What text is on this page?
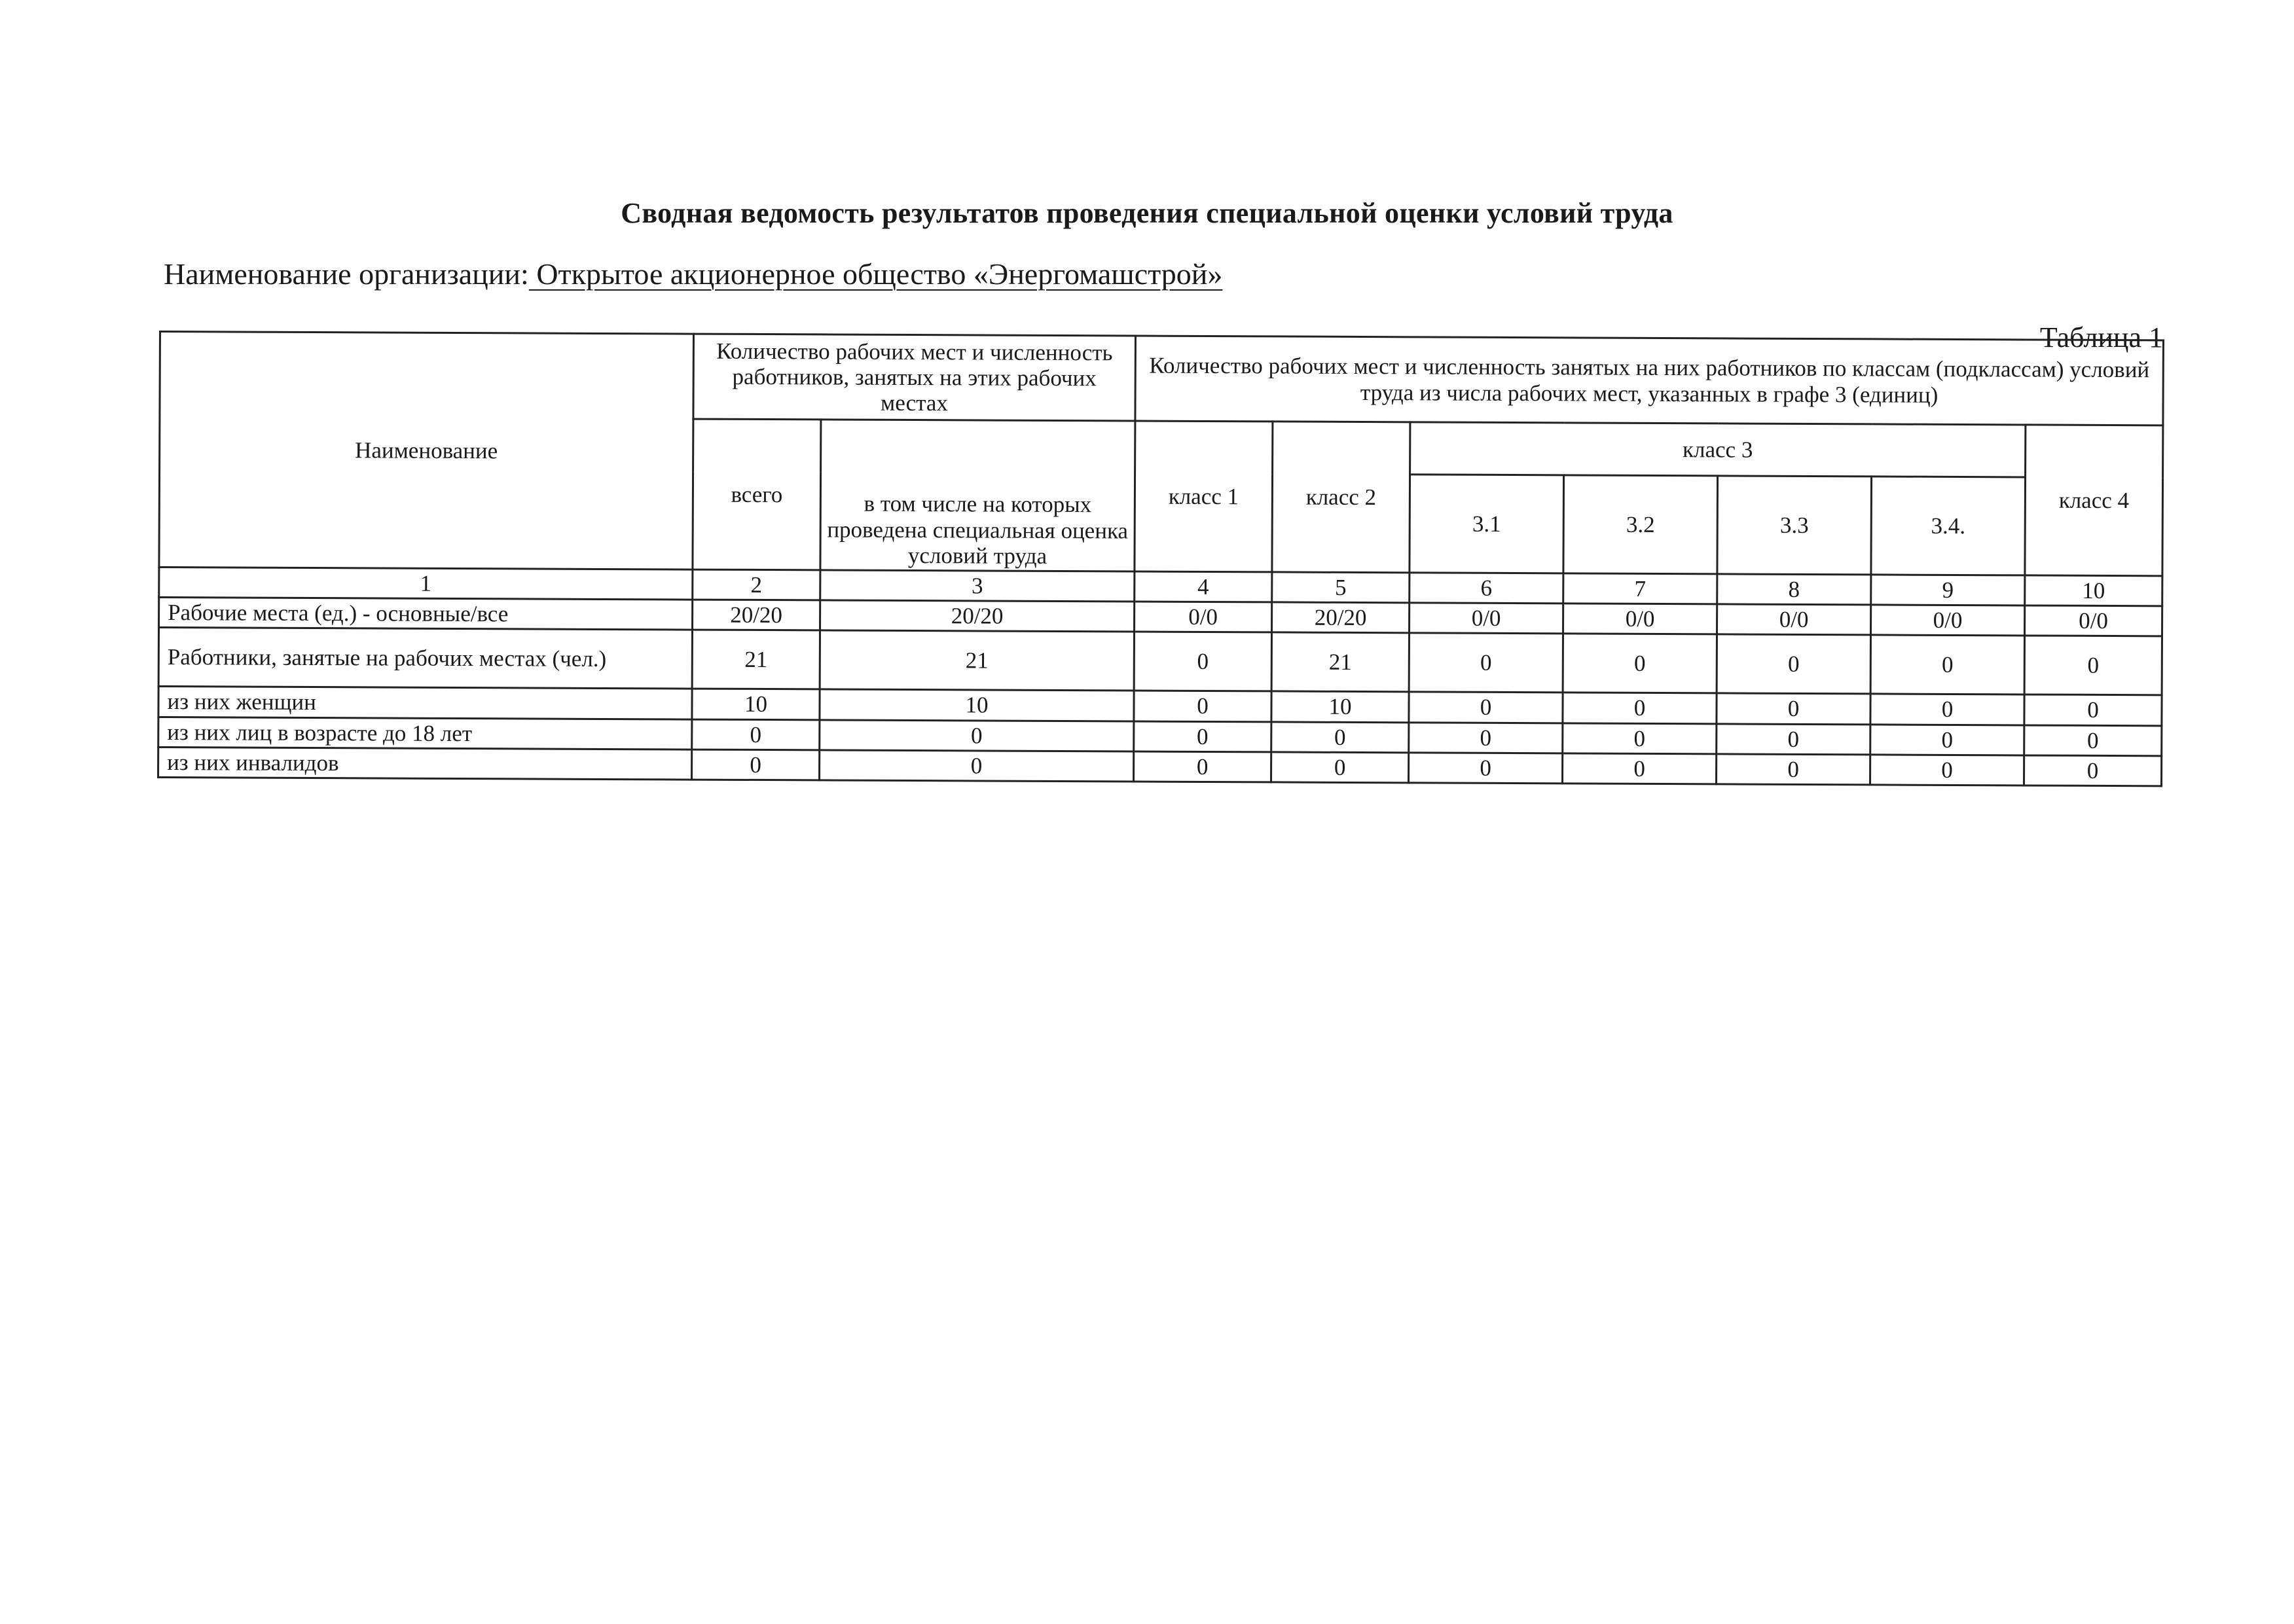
Сводная ведомость результатов проведения специальной оценки условий труда
Наименование организации: Открытое акционерное общество «Энергомашстрой»
Таблица 1
Наименование	Количество рабочих мест и численность работников, занятых на этих рабочих местах		Количество рабочих мест и численность занятых на них работников по классам (подклассам) условий труда из числа рабочих мест, указанных в графе 3 (единиц)						
	всего	в том числе на которых проведена специальная оценка условий труда	класс 1	класс 2	класс 3				класс 4
					3.1	3.2	3.3	3.4.	
1	2	3	4	5	6	7	8	9	10
Рабочие места (ед.) - основные/все	20/20	20/20	0/0	20/20	0/0	0/0	0/0	0/0	0/0
Работники, занятые на рабочих местах (чел.)	21	21	0	21	0	0	0	0	0
из них женщин	10	10	0	10	0	0	0	0	0
из них лиц в возрасте до 18 лет	0	0	0	0	0	0	0	0	0
из них инвалидов	0	0	0	0	0	0	0	0	0
